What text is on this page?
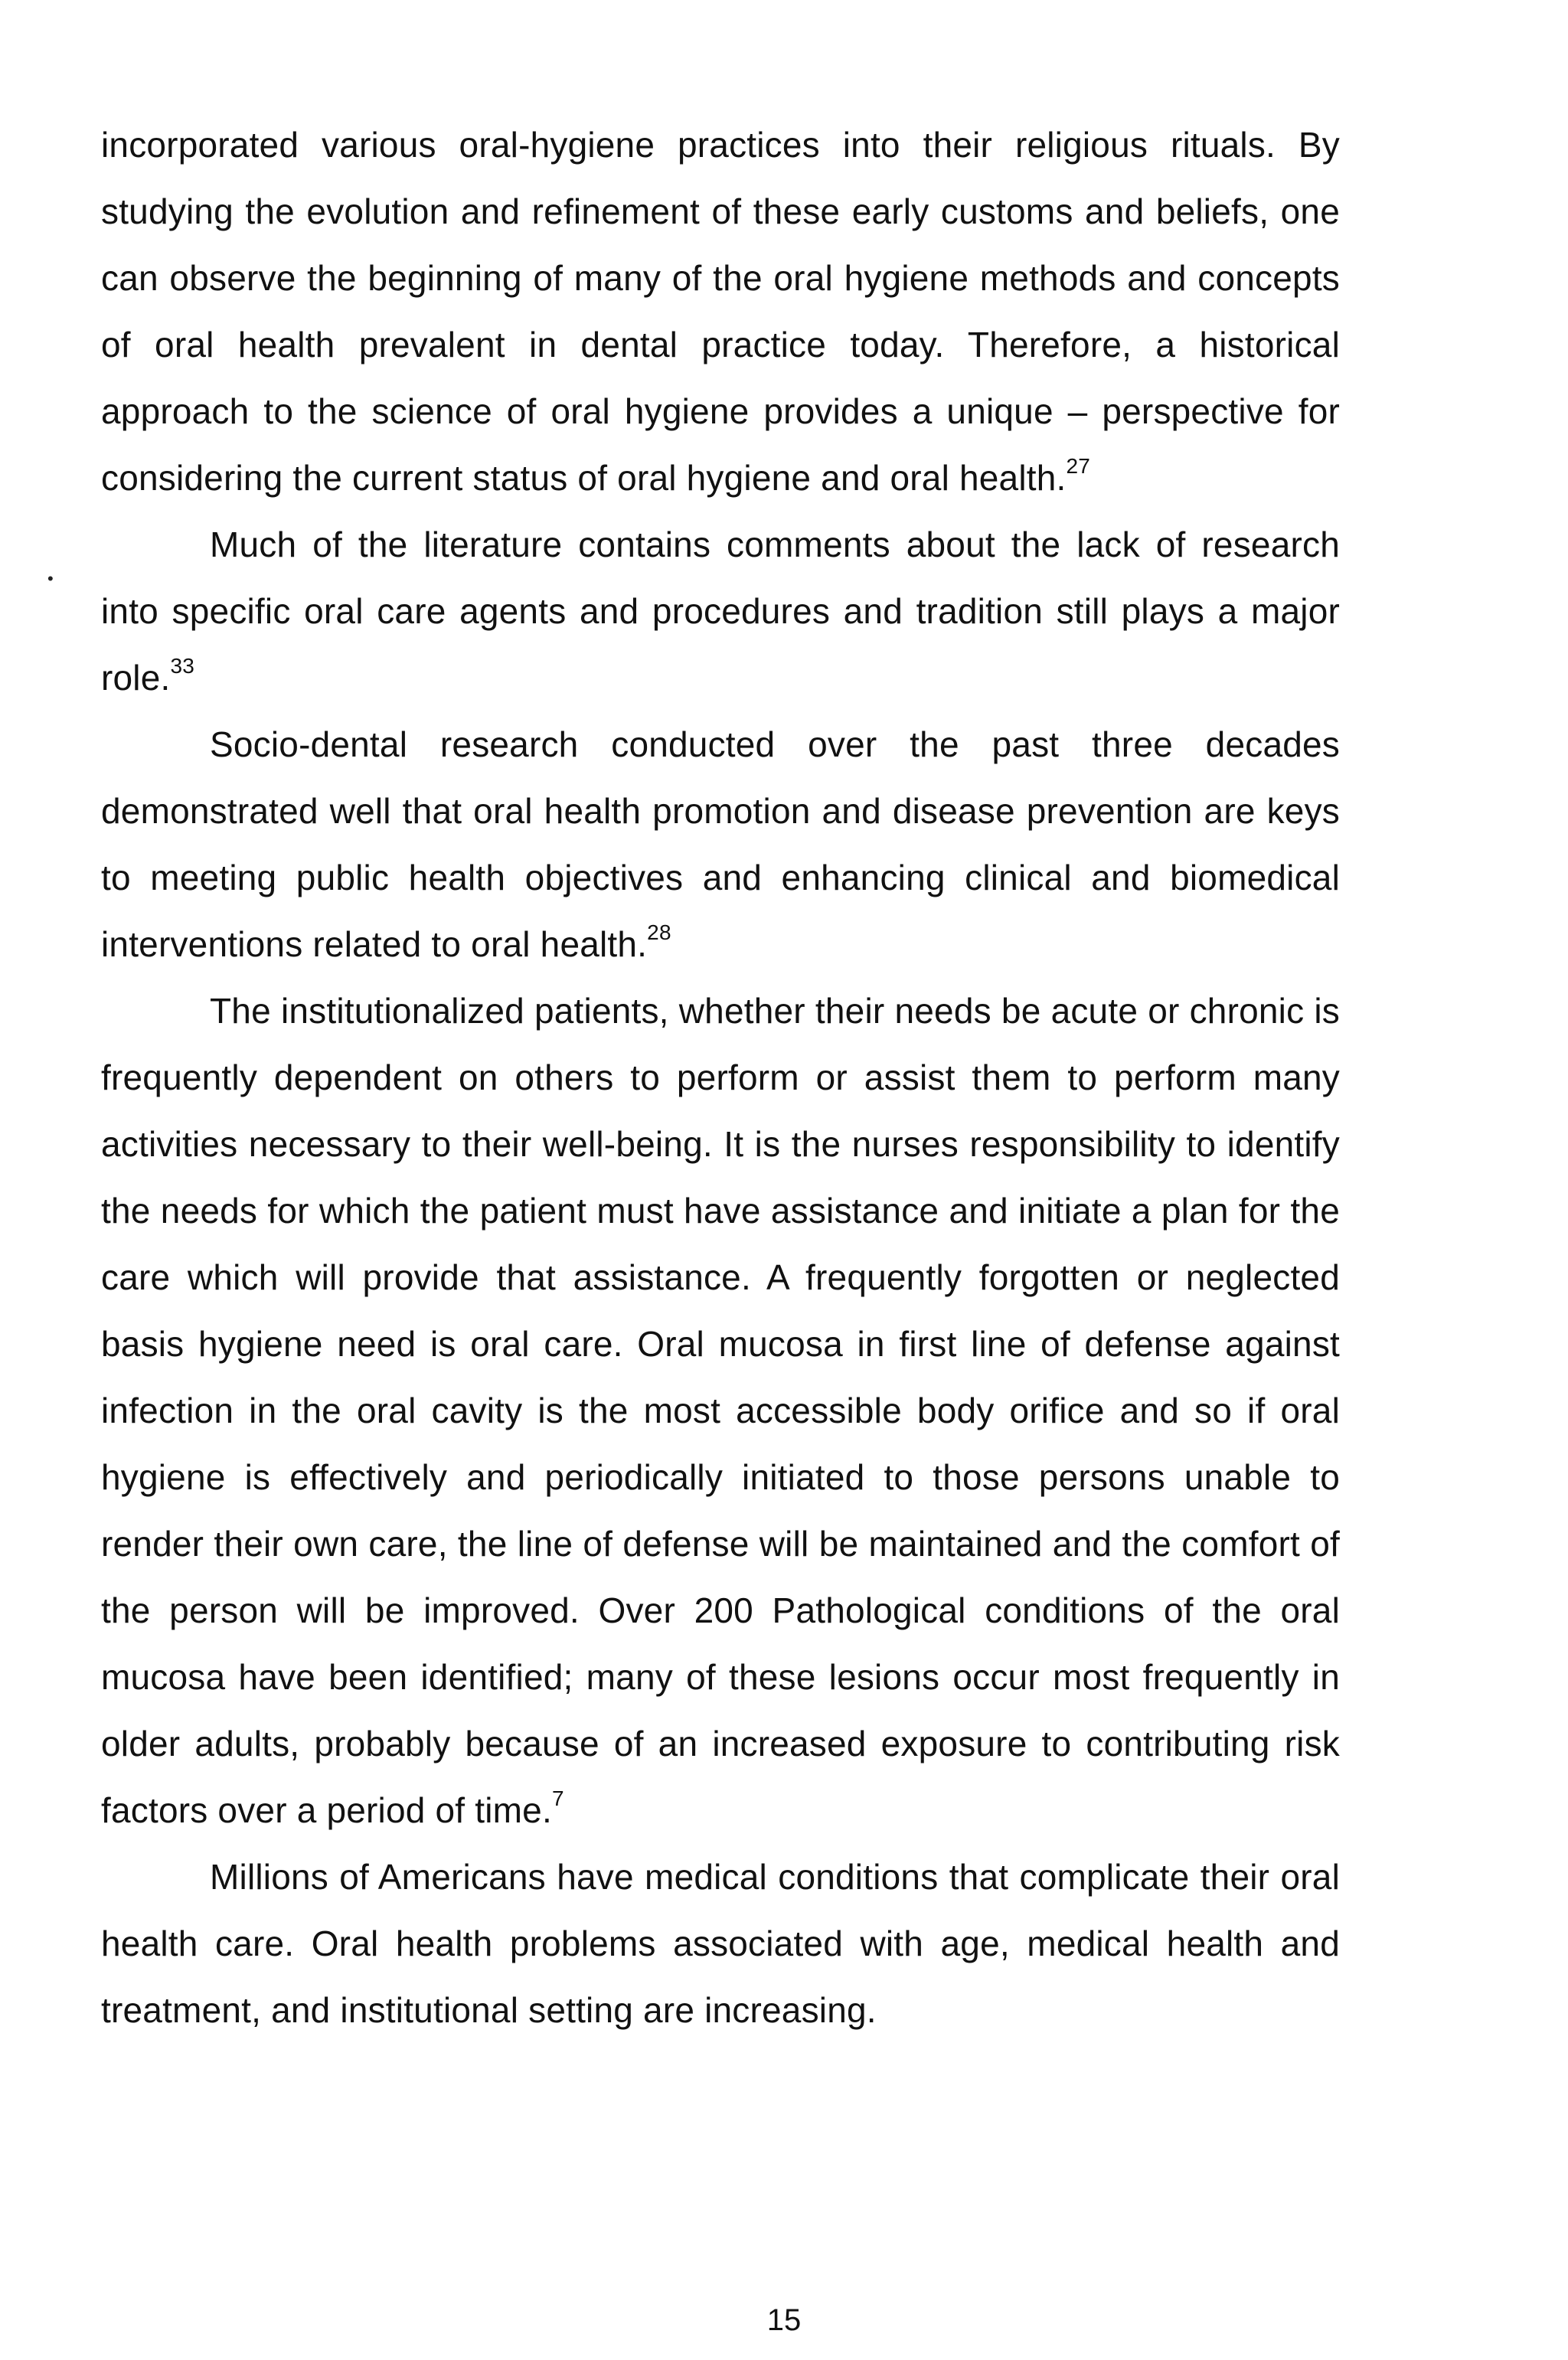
•

incorporated various oral-hygiene practices into their religious rituals. By studying the evolution and refinement of these early customs and beliefs, one can observe the beginning of many of the oral hygiene methods and concepts of oral health prevalent in dental practice today. Therefore, a historical approach to the science of oral hygiene provides a unique – perspective for considering the current status of oral hygiene and oral health.$^{27}$

Much of the literature contains comments about the lack of research into specific oral care agents and procedures and tradition still plays a major role.$^{33}$

Socio-dental research conducted over the past three decades demonstrated well that oral health promotion and disease prevention are keys to meeting public health objectives and enhancing clinical and biomedical interventions related to oral health.$^{28}$

The institutionalized patients, whether their needs be acute or chronic is frequently dependent on others to perform or assist them to perform many activities necessary to their well-being. It is the nurses responsibility to identify the needs for which the patient must have assistance and initiate a plan for the care which will provide that assistance. A frequently forgotten or neglected basis hygiene need is oral care. Oral mucosa in first line of defense against infection in the oral cavity is the most accessible body orifice and so if oral hygiene is effectively and periodically initiated to those persons unable to render their own care, the line of defense will be maintained and the comfort of the person will be improved. Over 200 Pathological conditions of the oral mucosa have been identified; many of these lesions occur most frequently in older adults, probably because of an increased exposure to contributing risk factors over a period of time.$^7$

Millions of Americans have medical conditions that complicate their oral health care. Oral health problems associated with age, medical health and treatment, and institutional setting are increasing.

15
